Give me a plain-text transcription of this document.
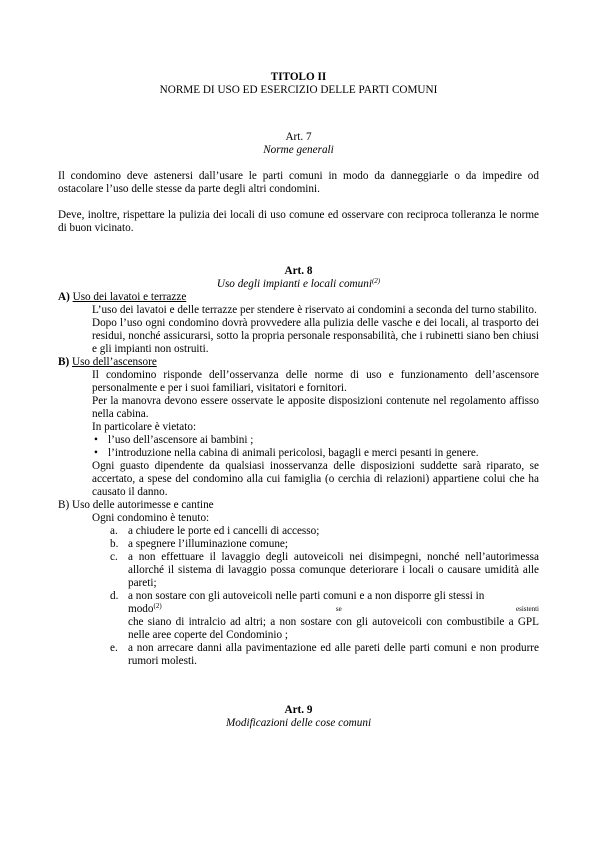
TITOLO II
NORME DI USO ED ESERCIZIO DELLE PARTI COMUNI
Art. 7
Norme generali
Il condomino deve astenersi dall’usare le parti comuni in modo da danneggiarle o da impedire od ostacolare l’uso delle stesse da parte degli altri condomini.
Deve, inoltre, rispettare la pulizia dei locali di uso comune ed osservare con reciproca tolleranza le norme di buon vicinato.
Art. 8
Uso degli impianti e locali comuni$^{(2)}$
A) Uso dei lavatoi e terrazze
L’uso dei lavatoi e delle terrazze per stendere è riservato ai condomini a seconda del turno stabilito.
Dopo l’uso ogni condomino dovrà provvedere alla pulizia delle vasche e dei locali, al trasporto dei residui, nonché assicurarsi, sotto la propria personale responsabilità, che i rubinetti siano ben chiusi e gli impianti non ostruiti.
B) Uso dell’ascensore
Il condomino risponde dell’osservanza delle norme di uso e funzionamento dell’ascensore personalmente e per i suoi familiari, visitatori e fornitori.
Per la manovra devono essere osservate le apposite disposizioni contenute nel regolamento affisso nella cabina.
In particolare è vietato:
• l’uso dell’ascensore ai bambini ;
• l’introduzione nella cabina di animali pericolosi, bagagli e merci pesanti in genere.
Ogni guasto dipendente da qualsiasi inosservanza delle disposizioni suddette sarà riparato, se accertato, a spese del condomino alla cui famiglia (o cerchia di relazioni) appartiene colui che ha causato il danno.
B) Uso delle autorimesse e cantine
Ogni condomino è tenuto:
a. a chiudere le porte ed i cancelli di accesso;
b. a spegnere l’illuminazione comune;
c. a non effettuare il lavaggio degli autoveicoli nei disimpegni, nonché nell’autorimessa allorché il sistema di lavaggio possa comunque deteriorare i locali o causare umidità alle pareti;
d. a non sostare con gli autoveicoli nelle parti comuni e a non disporre gli stessi in
modo$^{(2)}$	se	esistenti
che siano di intralcio ad altri; a non sostare con gli autoveicoli con combustibile a GPL nelle aree coperte del Condominio ;
e. a non arrecare danni alla pavimentazione ed alle pareti delle parti comuni e non produrre rumori molesti.
Art. 9
Modificazioni delle cose comuni
